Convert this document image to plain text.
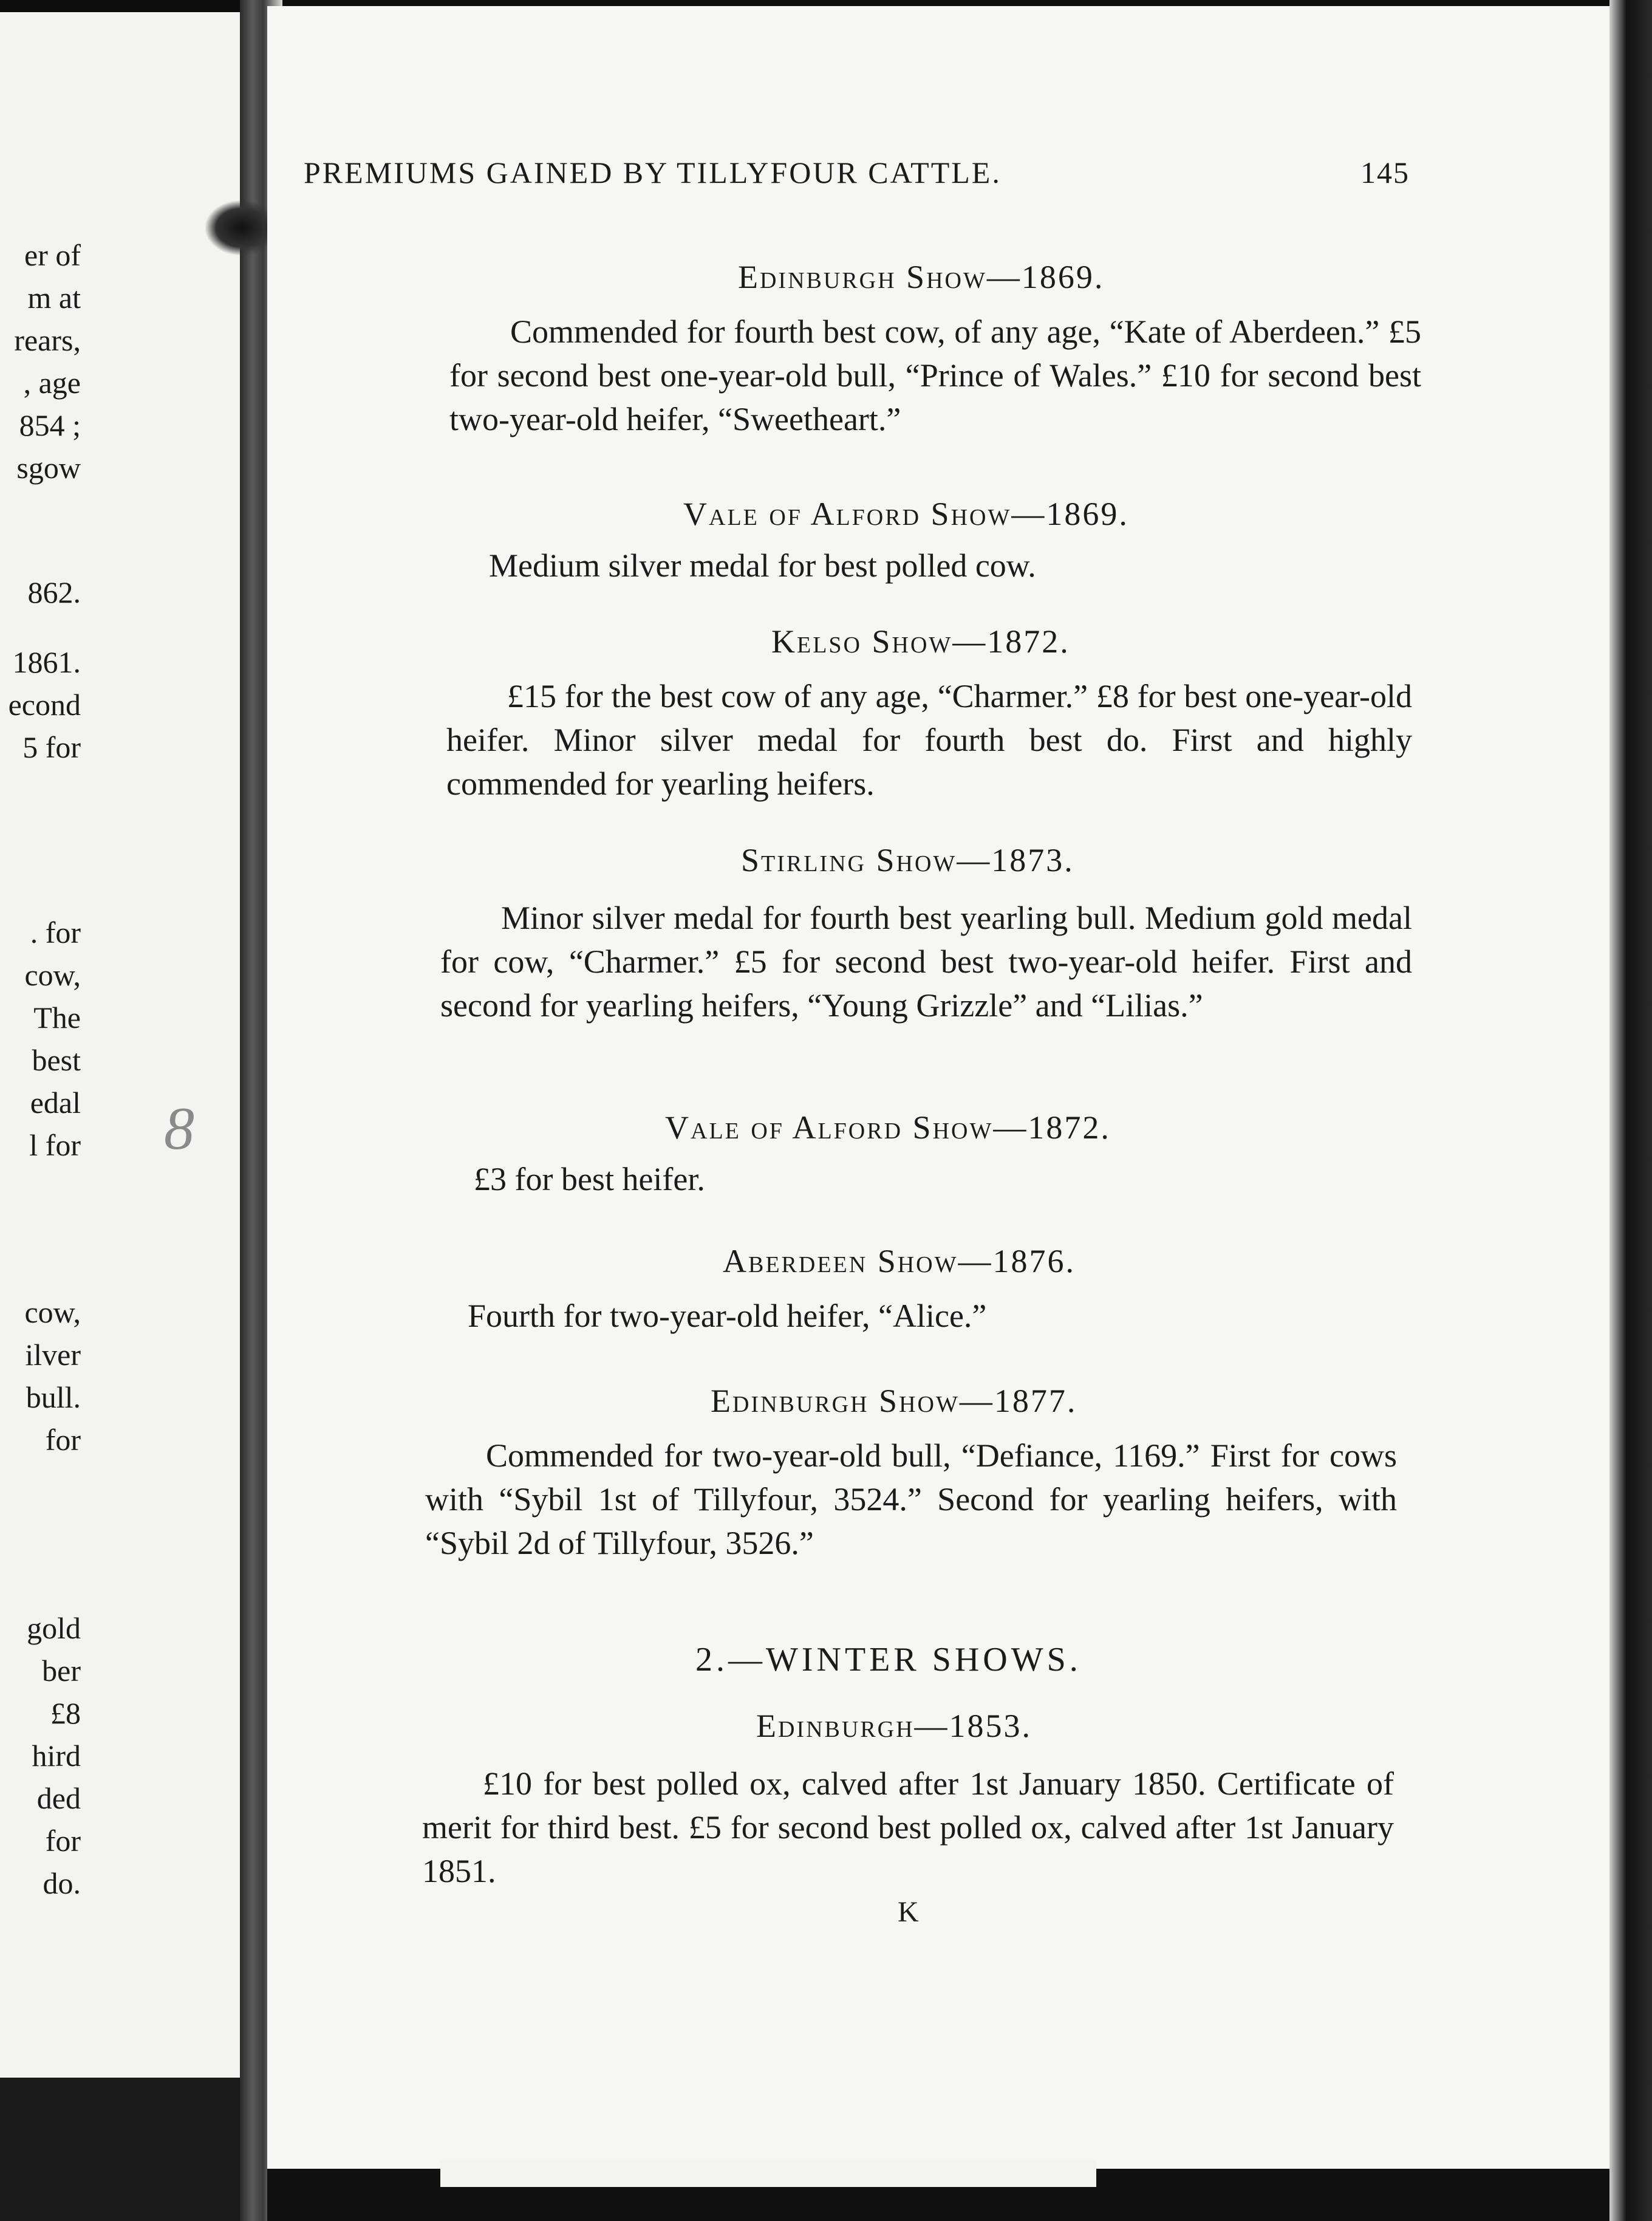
er of
m at
rears,
, age
854 ;
sgow
862.
1861.
econd
5 for
. for
cow,
The
best
edal
l for
cow,
ilver
bull.
for
gold
ber
£8
hird
ded
for
do.
PREMIUMS GAINED BY TILLYFOUR CATTLE.	145
8
Edinburgh Show—1869.
Commended for fourth best cow, of any age, “Kate of Aberdeen.” £5 for second best one-year-old bull, “Prince of Wales.” £10 for second best two-year-old heifer, “Sweetheart.”
Vale of Alford Show—1869.
Medium silver medal for best polled cow.
Kelso Show—1872.
£15 for the best cow of any age, “Charmer.” £8 for best one-year-old heifer. Minor silver medal for fourth best do. First and highly commended for yearling heifers.
Stirling Show—1873.
Minor silver medal for fourth best yearling bull. Medium gold medal for cow, “Charmer.” £5 for second best two-year-old heifer. First and second for yearling heifers, “Young Grizzle” and “Lilias.”
Vale of Alford Show—1872.
£3 for best heifer.
Aberdeen Show—1876.
Fourth for two-year-old heifer, “Alice.”
Edinburgh Show—1877.
Commended for two-year-old bull, “Defiance, 1169.” First for cows with “Sybil 1st of Tillyfour, 3524.” Second for yearling heifers, with “Sybil 2d of Tillyfour, 3526.”
2.—WINTER SHOWS.
Edinburgh—1853.
£10 for best polled ox, calved after 1st January 1850. Certificate of merit for third best. £5 for second best polled ox, calved after 1st January 1851.
K
